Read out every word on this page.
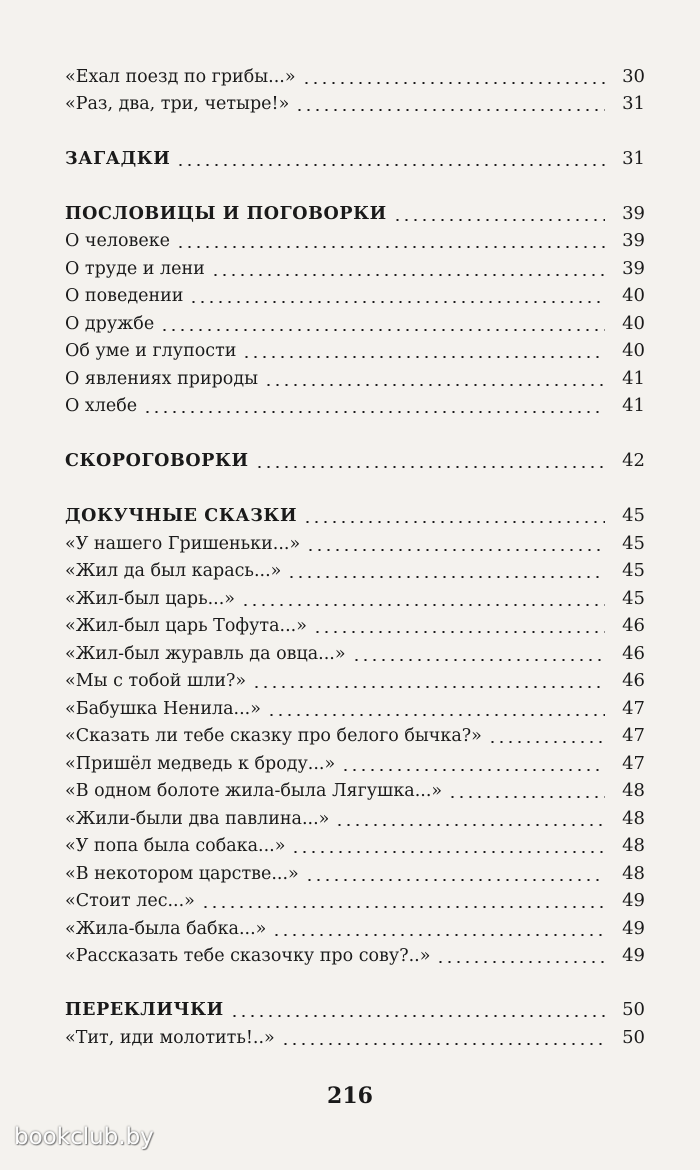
«Ехал поезд по грибы...»	30
«Раз, два, три, четыре!»	31
ЗАГАДКИ	31
ПОСЛОВИЦЫ И ПОГОВОРКИ	39
О человеке	39
О труде и лени	39
О поведении	40
О дружбе	40
Об уме и глупости	40
О явлениях природы	41
О хлебе	41
СКОРОГОВОРКИ	42
ДОКУЧНЫЕ СКАЗКИ	45
«У нашего Гришеньки...»	45
«Жил да был карась...»	45
«Жил-был царь...»	45
«Жил-был царь Тофута...»	46
«Жил-был журавль да овца...»	46
«Мы с тобой шли?»	46
«Бабушка Ненила...»	47
«Сказать ли тебе сказку про белого бычка?»	47
«Пришёл медведь к броду...»	47
«В одном болоте жила-была Лягушка...»	48
«Жили-были два павлина...»	48
«У попа была собака...»	48
«В некотором царстве...»	48
«Стоит лес...»	49
«Жила-была бабка...»	49
«Рассказать тебе сказочку про сову?..»	49
ПЕРЕКЛИЧКИ	50
«Тит, иди молотить!..»	50
216
bookclub.by
